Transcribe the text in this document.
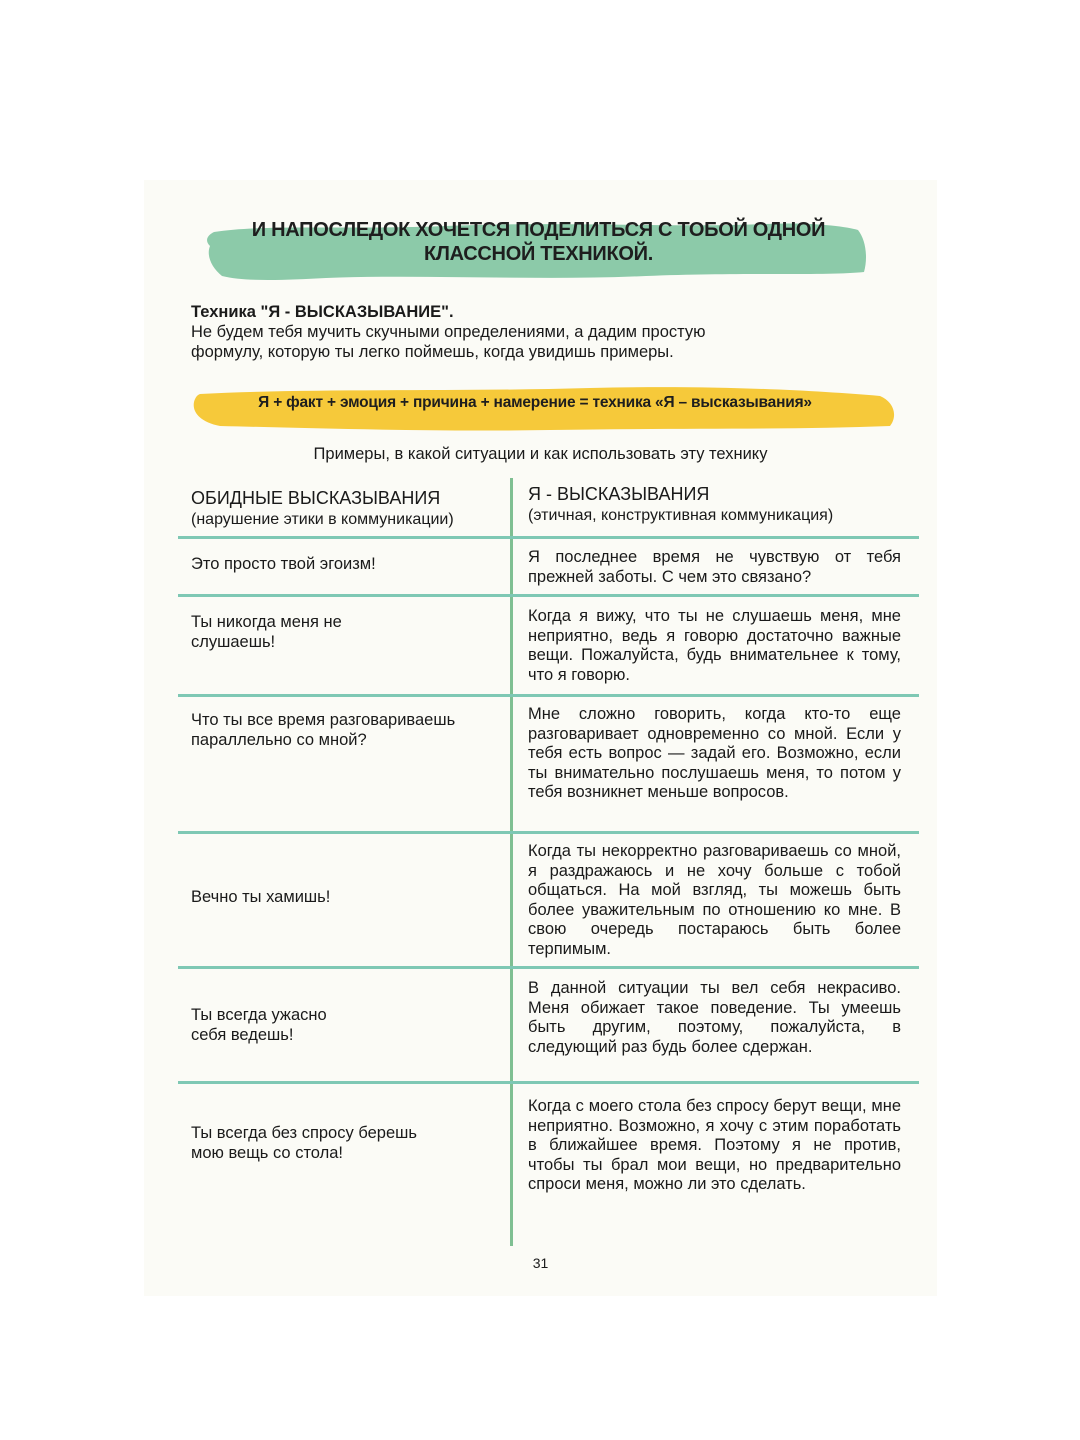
И НАПОСЛЕДОК ХОЧЕТСЯ ПОДЕЛИТЬСЯ С ТОБОЙ ОДНОЙ
КЛАССНОЙ ТЕХНИКОЙ.
Техника "Я - ВЫСКАЗЫВАНИЕ".
Не будем тебя мучить скучными определениями, а дадим простую
формулу, которую ты легко поймешь, когда увидишь примеры.
Я + факт + эмоция + причина + намерение = техника «Я – высказывания»
Примеры, в какой ситуации и как использовать эту технику
ОБИДНЫЕ ВЫСКАЗЫВАНИЯ
(нарушение этики в коммуникации)
Я - ВЫСКАЗЫВАНИЯ
(этичная, конструктивная коммуникация)
Это просто твой эгоизм!	Я последнее время не чувствую от тебя прежней заботы. С чем это связано?
Ты никогда меня не слушаешь!
Когда я вижу, что ты не слушаешь меня, мне неприятно, ведь я говорю достаточно важные вещи. Пожалуйста, будь внимательнее к тому, что я говорю.
Что ты все время разговариваешь параллельно со мной?
Мне сложно говорить, когда кто-то еще разговаривает одновременно со мной. Если у тебя есть вопрос — задай его. Возможно, если ты внимательно послушаешь меня, то потом у тебя возникнет меньше вопросов.
Вечно ты хамишь!
Когда ты некорректно разговариваешь со мной, я раздражаюсь и не хочу больше с тобой общаться. На мой взгляд, ты можешь быть более уважительным по отношению ко мне. В свою очередь постараюсь быть более терпимым.
Ты всегда ужасно себя ведешь!
В данной ситуации ты вел себя некрасиво. Меня обижает такое поведение. Ты умеешь быть другим, поэтому, пожалуйста, в следующий раз будь более сдержан.
Ты всегда без спросу берешь мою вещь со стола!
Когда с моего стола без спросу берут вещи, мне неприятно. Возможно, я хочу с этим поработать в ближайшее время. Поэтому я не против, чтобы ты брал мои вещи, но предварительно спроси меня, можно ли это сделать.
31
